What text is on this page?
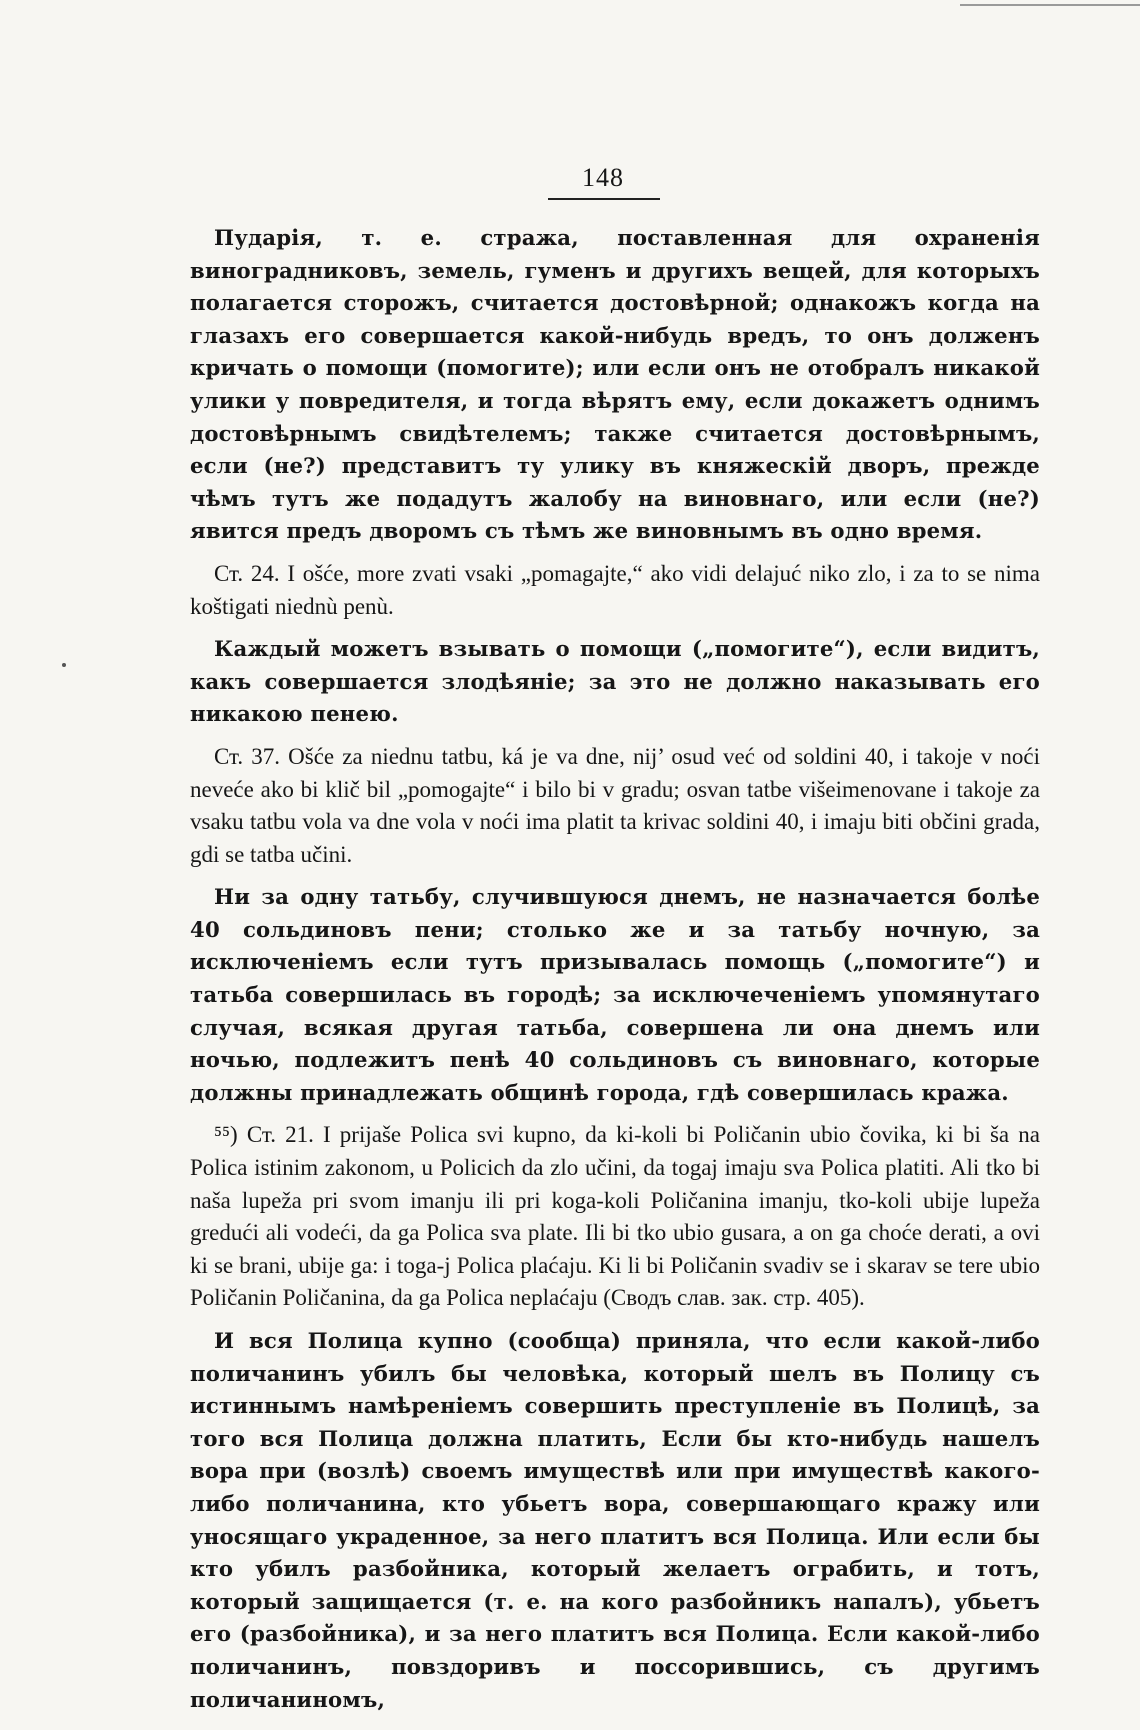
148

Пударія, т. е. стража, поставленная для охраненія виноградниковъ, земель, гуменъ и другихъ вещей, для которыхъ полагается сторожъ, считается достовѣрной; однакожъ когда на глазахъ его совершается какой-нибудь вредъ, то онъ долженъ кричать о помощи (помогите); или если онъ не отобралъ никакой улики у повредителя, и тогда вѣрятъ ему, если докажетъ однимъ достовѣрнымъ свидѣтелемъ; также считается достовѣрнымъ, если (не?) представитъ ту улику въ княжескій дворъ, прежде чѣмъ тутъ же подадутъ жалобу на виновнаго, или если (не?) явится предъ дворомъ съ тѣмъ же виновнымъ въ одно время.

Ст. 24. I ošće, more zvati vsaki „pomagajte,“ ako vidi delajuć niko zlo, i za to se nima koštigati niednù penù.

Каждый можетъ взывать о помощи („помогите“), если видитъ, какъ совершается злодѣяніе; за это не должно наказывать его никакою пенею.

Ст. 37. Ošće za niednu tatbu, ká je va dne, nij’ osud već od soldini 40, i takoje v noći neveće ako bi klič bil „pomogajte“ i bilo bi v gradu; osvan tatbe višeimenovane i takoje za vsaku tatbu vola va dne vola v noći ima platit ta krivac soldini 40, i imaju biti občini grada, gdi se tatba učini.

Ни за одну татьбу, случившуюся днемъ, не назначается болѣе 40 сольдиновъ пени; столько же и за татьбу ночную, за исключеніемъ если тутъ призывалась помощь („помогите“) и татьба совершилась въ городѣ; за исключеченіемъ упомянутаго случая, всякая другая татьба, совершена ли она днемъ или ночью, подлежитъ пенѣ 40 сольдиновъ съ виновнаго, которые должны принадлежать общинѣ города, гдѣ совершилась кража.

⁵⁵) Ст. 21. I prijaše Polica svi kupno, da ki-koli bi Poličanin ubio čovika, ki bi ša na Polica istinim zakonom, u Policich da zlo učini, da togaj imaju sva Polica platiti. Ali tko bi naša lupeža pri svom imanju ili pri koga-koli Poličanina imanju, tko-koli ubije lupeža gredući ali vodeći, da ga Polica sva plate. Ili bi tko ubio gusara, a on ga choće derati, a ovi ki se brani, ubije ga: i toga-j Polica plaćaju. Ki li bi Poličanin svadiv se i skarav se tere ubio Poličanin Poličanina, da ga Polica neplaćaju (Сводъ слав. зак. стр. 405).

И вся Полица купно (сообща) приняла, что если какой-либо поличанинъ убилъ бы человѣка, который шелъ въ Полицу съ истиннымъ намѣреніемъ совершить преступленіе въ Полицѣ, за того вся Полица должна платить, Если бы кто-нибудь нашелъ вора при (возлѣ) своемъ имуществѣ или при имуществѣ какого-либо поличанина, кто убьетъ вора, совершающаго кражу или уносящаго украденное, за него платитъ вся Полица. Или если бы кто убилъ разбойника, который желаетъ ограбить, и тотъ, который защищается (т. е. на кого разбойникъ напалъ), убьетъ его (разбойника), и за него платитъ вся Полица. Если какой-либо поличанинъ, повздоривъ и поссорившись, съ другимъ поличаниномъ,
